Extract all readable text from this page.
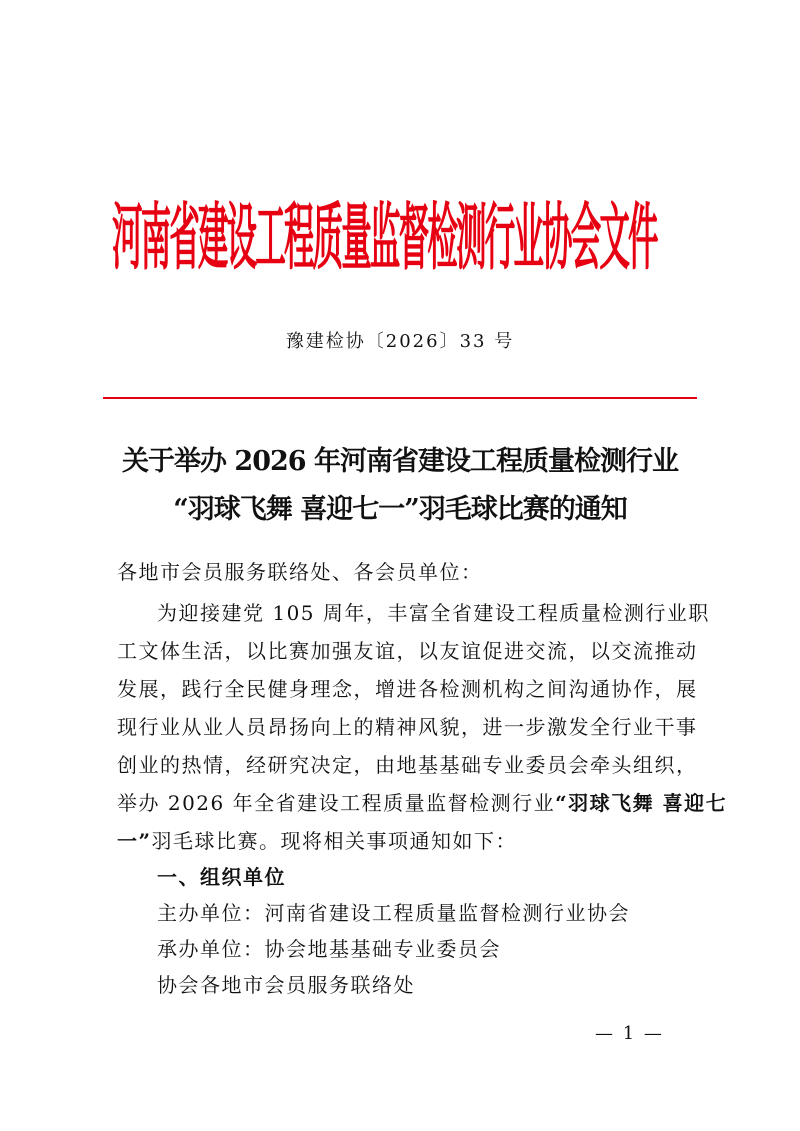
河南省建设工程质量监督检测行业协会文件
豫建检协〔2026〕33 号
关于举办 2026 年河南省建设工程质量检测行业
“羽球飞舞 喜迎七一”羽毛球比赛的通知
各地市会员服务联络处、各会员单位：
为迎接建党 105 周年，丰富全省建设工程质量检测行业职
工文体生活，以比赛加强友谊，以友谊促进交流，以交流推动
发展，践行全民健身理念，增进各检测机构之间沟通协作，展
现行业从业人员昂扬向上的精神风貌，进一步激发全行业干事
创业的热情，经研究决定，由地基基础专业委员会牵头组织，
举办 2026 年全省建设工程质量监督检测行业“羽球飞舞 喜迎七
一”羽毛球比赛。现将相关事项通知如下：
一、组织单位
主办单位：河南省建设工程质量监督检测行业协会
承办单位：协会地基基础专业委员会
协会各地市会员服务联络处
— 1 —
